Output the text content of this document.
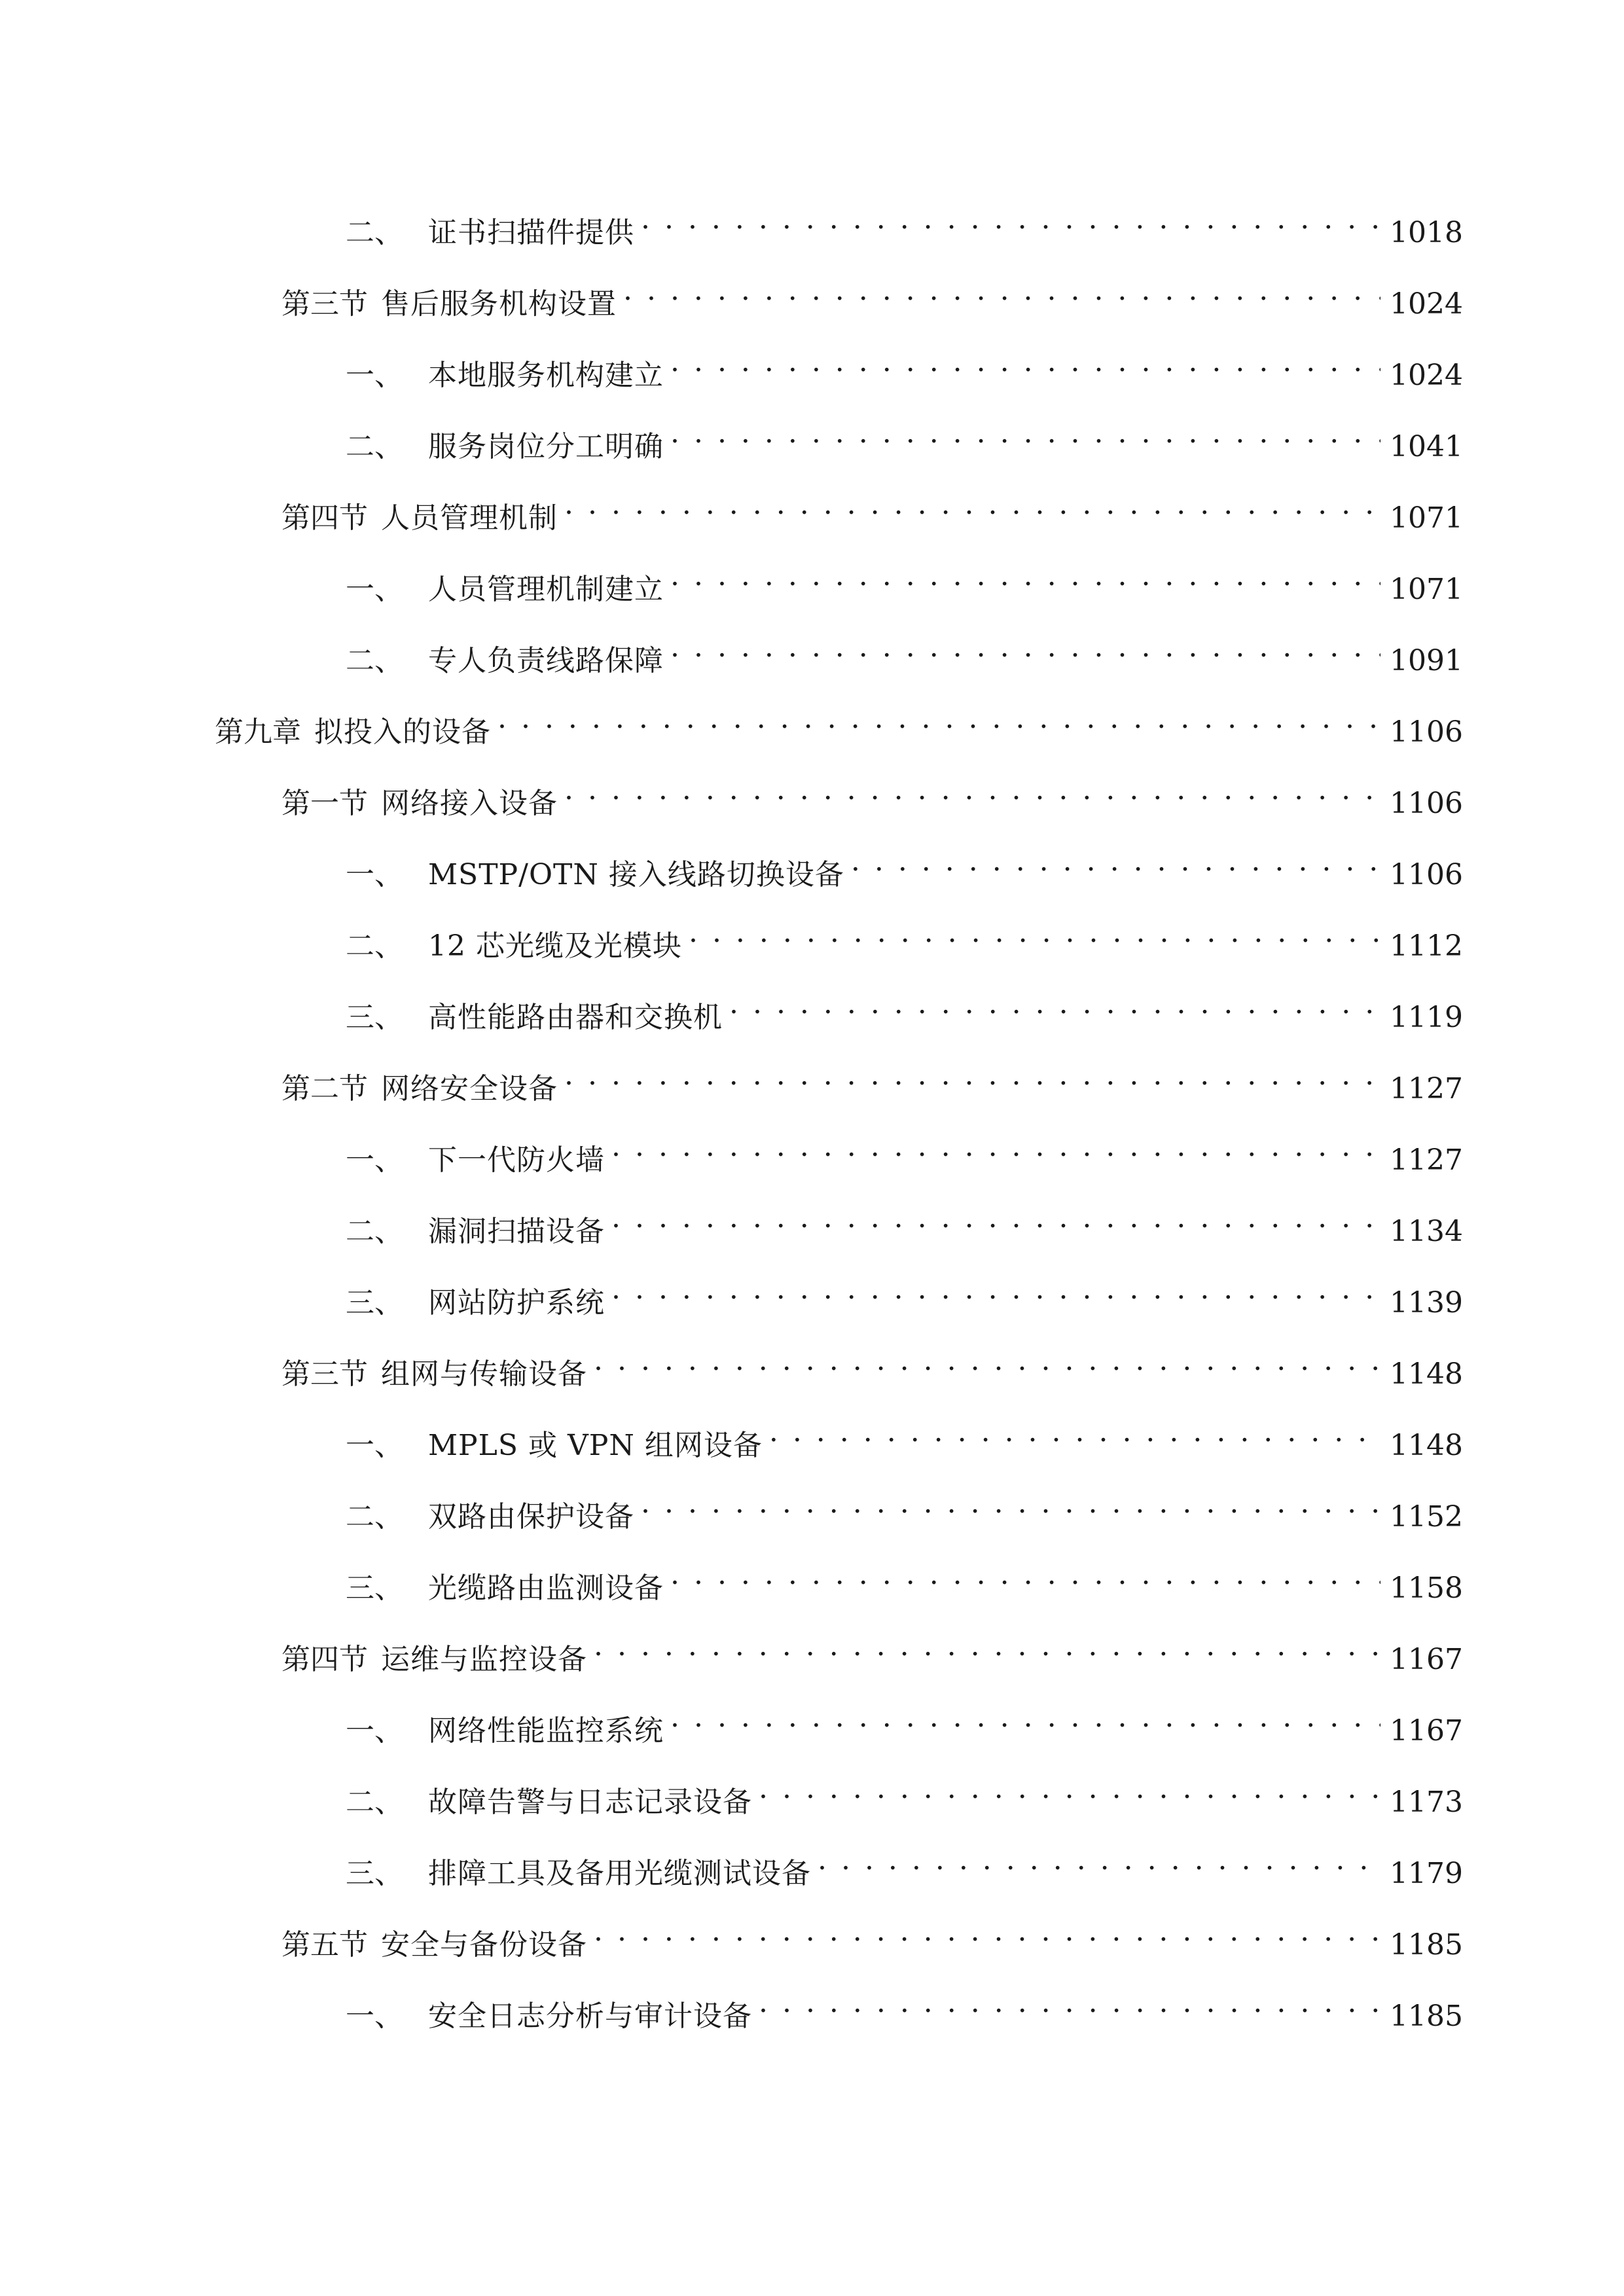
二、 证书扫描件提供 . . .	1018
第三节 售后服务机构设置 . . .	1024
一、 本地服务机构建立 . . .	1024
二、 服务岗位分工明确 . . .	1041
第四节 人员管理机制 . . .	1071
一、 人员管理机制建立 . . .	1071
二、 专人负责线路保障 . . .	1091
第九章 拟投入的设备 . . .	1106
第一节 网络接入设备 . . .	1106
一、 MSTP/OTN 接入线路切换设备 . . .	1106
二、 12 芯光缆及光模块 . . .	1112
三、 高性能路由器和交换机 . . .	1119
第二节 网络安全设备 . . .	1127
一、 下一代防火墙 . . .	1127
二、 漏洞扫描设备 . . .	1134
三、 网站防护系统 . . .	1139
第三节 组网与传输设备 . . .	1148
一、 MPLS 或 VPN 组网设备 . . .	1148
二、 双路由保护设备 . . .	1152
三、 光缆路由监测设备 . . .	1158
第四节 运维与监控设备 . . .	1167
一、 网络性能监控系统 . . .	1167
二、 故障告警与日志记录设备 . . .	1173
三、 排障工具及备用光缆测试设备 . . .	1179
第五节 安全与备份设备 . . .	1185
一、 安全日志分析与审计设备 . . .	1185
